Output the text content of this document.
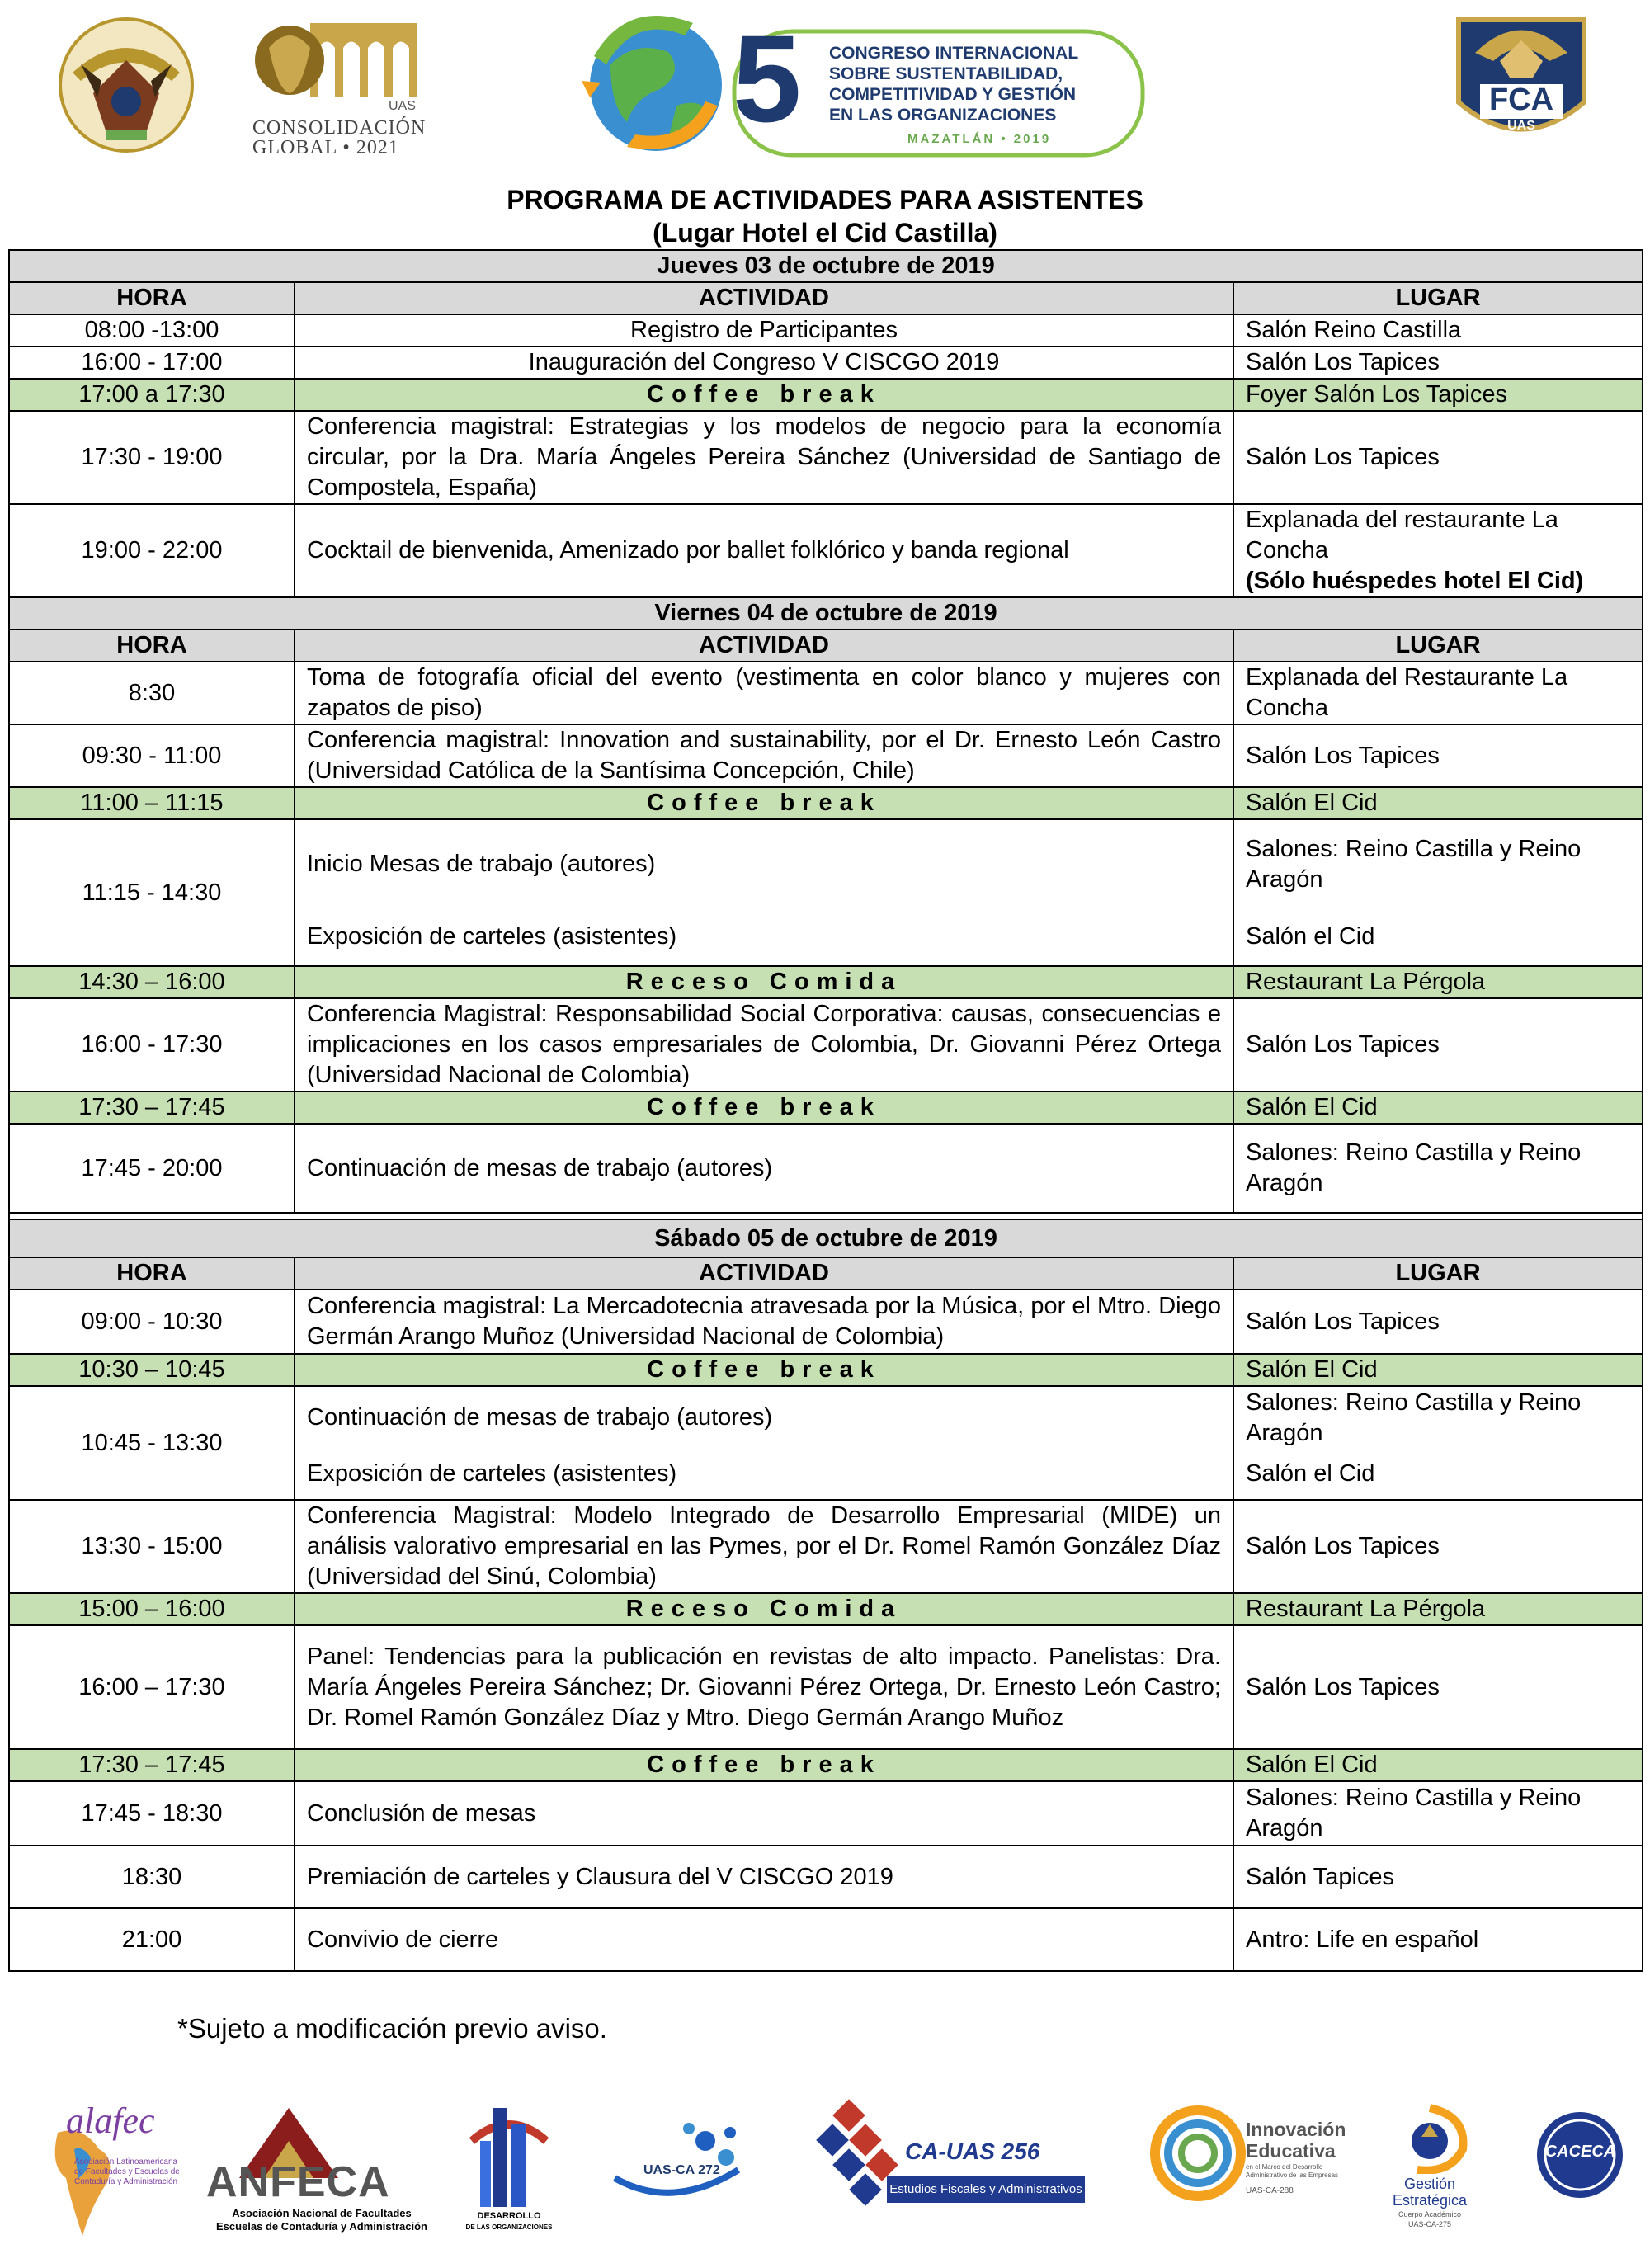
UAS
CONSOLIDACIÓN
GLOBAL • 2021	5 CONGRESO INTERNACIONAL
SOBRE SUSTENTABILIDAD,
COMPETITIVIDAD Y GESTIÓN
EN LAS ORGANIZACIONES
MAZATLÁN • 2019
FCA
UAS
PROGRAMA DE ACTIVIDADES PARA ASISTENTES
(Lugar Hotel el Cid Castilla)
Jueves 03 de octubre de 2019		
HORA	ACTIVIDAD	LUGAR
08:00 -13:00	Registro de Participantes	Salón Reino Castilla
16:00 - 17:00	Inauguración del Congreso V CISCGO 2019	Salón Los Tapices
17:00 a 17:30	Coffee break	Foyer Salón Los Tapices
17:30 - 19:00	Conferencia magistral: Estrategias y los modelos de negocio para la economía circular, por la Dra. María Ángeles Pereira Sánchez (Universidad de Santiago de Compostela, España)	Salón Los Tapices
19:00 - 22:00	Cocktail de bienvenida, Amenizado por ballet folklórico y banda regional	Explanada del restaurante La Concha
(Sólo huéspedes hotel El Cid)

Viernes 04 de octubre de 2019		
HORA	ACTIVIDAD	LUGAR
8:30	Toma de fotografía oficial del evento (vestimenta en color blanco y mujeres con zapatos de piso)	Explanada del Restaurante La Concha
09:30 - 11:00	Conferencia magistral: Innovation and sustainability, por el Dr. Ernesto León Castro (Universidad Católica de la Santísima Concepción, Chile)	Salón Los Tapices
11:00 – 11:15	Coffee break	Salón El Cid
11:15 - 14:30	Inicio Mesas de trabajo (autores)	Salones: Reino Castilla y Reino Aragón
	Exposición de carteles (asistentes)	Salón el Cid
14:30 – 16:00	Receso Comida	Restaurant La Pérgola
16:00 - 17:30	Conferencia Magistral: Responsabilidad Social Corporativa: causas, consecuencias e implicaciones en los casos empresariales de Colombia, Dr. Giovanni Pérez Ortega (Universidad Nacional de Colombia)	Salón Los Tapices
17:30 – 17:45	Coffee break	Salón El Cid
17:45 - 20:00	Continuación de mesas de trabajo (autores)	Salones: Reino Castilla y Reino Aragón

Sábado 05 de octubre de 2019		
HORA	ACTIVIDAD	LUGAR
09:00 - 10:30	Conferencia magistral: La Mercadotecnia atravesada por la Música, por el Mtro. Diego Germán Arango Muñoz (Universidad Nacional de Colombia)	Salón Los Tapices
10:30 – 10:45	Coffee break	Salón El Cid
10:45 - 13:30	Continuación de mesas de trabajo (autores)	Salones: Reino Castilla y Reino Aragón
	Exposición de carteles (asistentes)	Salón el Cid
13:30 - 15:00	Conferencia Magistral: Modelo Integrado de Desarrollo Empresarial (MIDE) un análisis valorativo empresarial en las Pymes, por el Dr. Romel Ramón González Díaz (Universidad del Sinú, Colombia)	Salón Los Tapices
15:00 – 16:00	Receso Comida	Restaurant La Pérgola
16:00 – 17:30	Panel: Tendencias para la publicación en revistas de alto impacto. Panelistas: Dra. María Ángeles Pereira Sánchez; Dr. Giovanni Pérez Ortega, Dr. Ernesto León Castro; Dr. Romel Ramón González Díaz y Mtro. Diego Germán Arango Muñoz	Salón Los Tapices
17:30 – 17:45	Coffee break	Salón El Cid
17:45 - 18:30	Conclusión de mesas	Salones: Reino Castilla y Reino Aragón
18:30	Premiación de carteles y Clausura del V CISCGO 2019	Salón Tapices
21:00	Convivio de cierre	Antro: Life en español
*Sujeto a modificación previo aviso.
alafec
Asociación Latinoamericana de Facultades y Escuelas de Contaduría y Administración ANFECA
Asociación Nacional de Facultades
Escuelas de Contaduría y Administración
DESARROLLO
DE LAS ORGANIZACIONES
UAS-CA 272
CA-UAS 256
Estudios Fiscales y Administrativos
Innovación
Educativa
en el Marco del Desarrollo Administrativo de las Empresas
UAS-CA-288	Gestión
Estratégica
Cuerpo Académico
UAS-CA-275
CACECA
